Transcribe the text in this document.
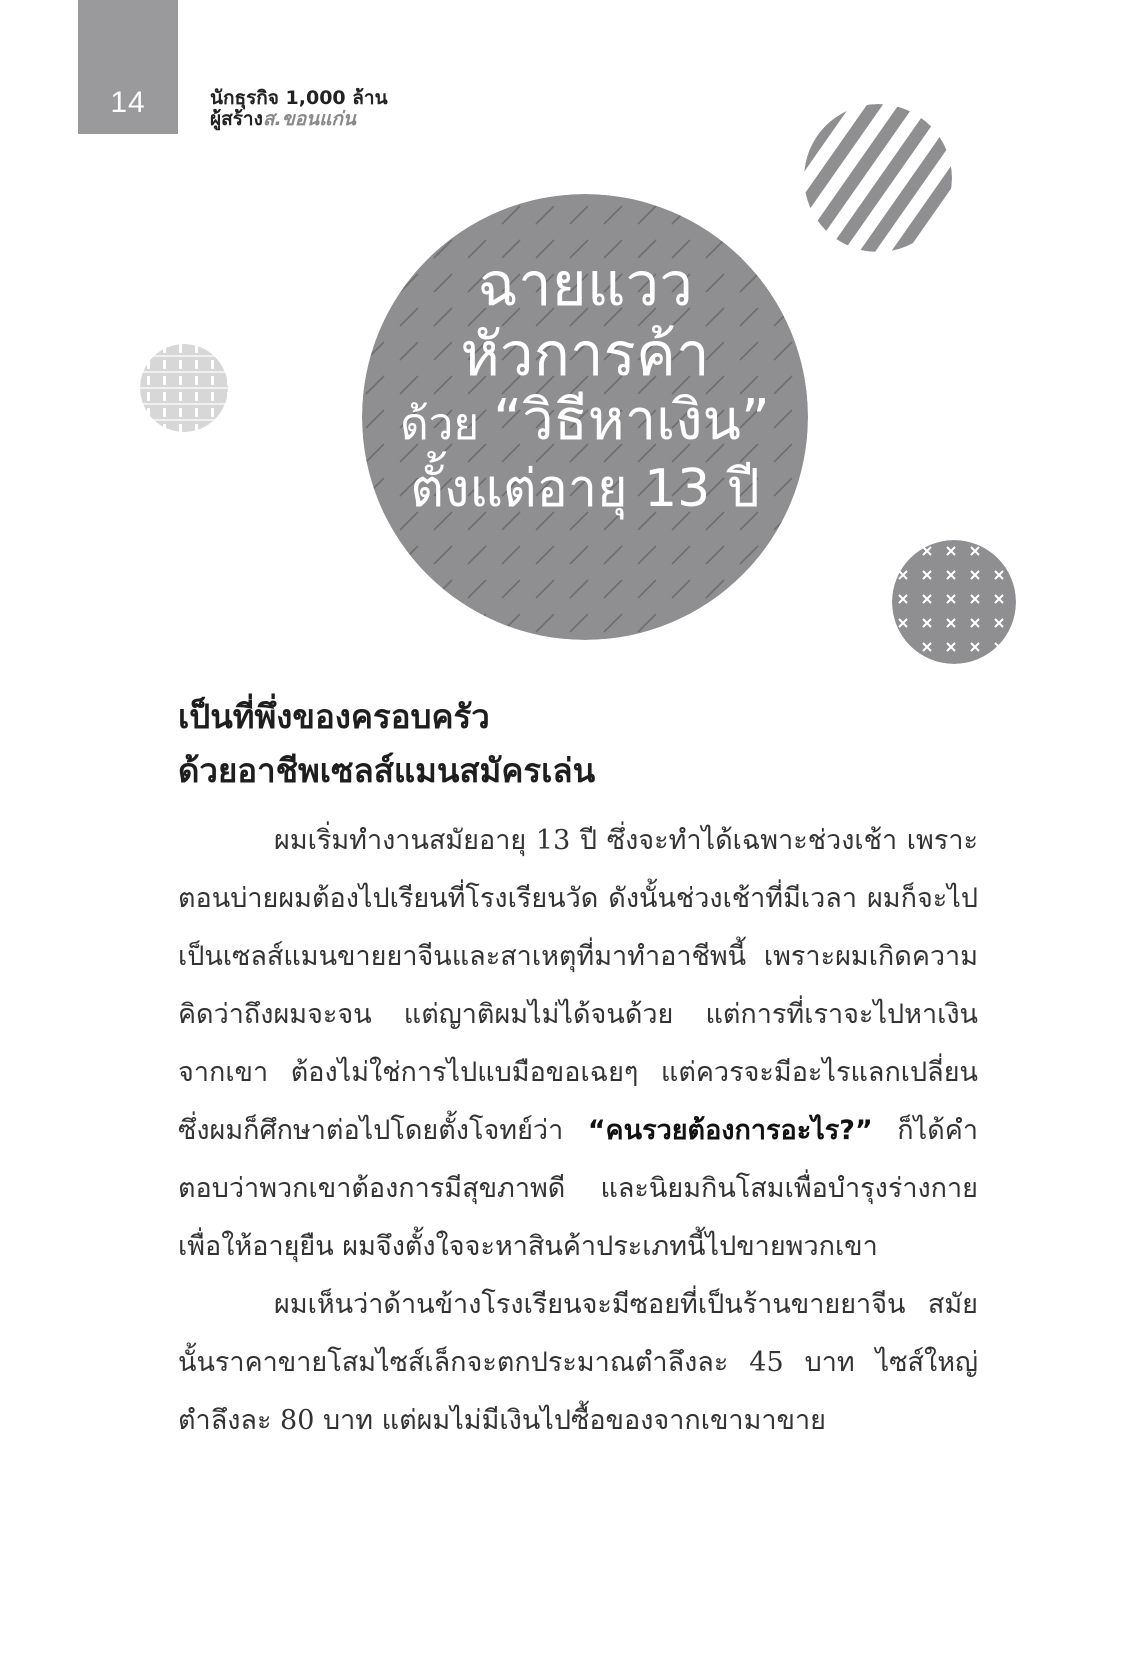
14	นักธุรกิจ 1,000 ล้าน
ผู้สร้างส.ขอนแก่น
ฉายแวว
หัวการค้า
ด้วย “วิธีหาเงิน”
ตั้งแต่อายุ 13 ปี
เป็นที่พึ่งของครอบครัว
ด้วยอาชีพเซลส์แมนสมัครเล่น

ผมเริ่มทำงานสมัยอายุ 13 ปี ซึ่งจะทำได้เฉพาะช่วงเช้า เพราะตอนบ่ายผมต้องไปเรียนที่โรงเรียนวัด ดังนั้นช่วงเช้าที่มีเวลา ผมก็จะไปเป็นเซลส์แมนขายยาจีนและสาเหตุที่มาทำอาชีพนี้ เพราะผมเกิดความคิดว่าถึงผมจะจน แต่ญาติผมไม่ได้จนด้วย แต่การที่เราจะไปหาเงินจากเขา ต้องไม่ใช่การไปแบมือขอเฉยๆ แต่ควรจะมีอะไรแลกเปลี่ยน ซึ่งผมก็ศึกษาต่อไปโดยตั้งโจทย์ว่า “คนรวยต้องการอะไร?” ก็ได้คำตอบว่าพวกเขาต้องการมีสุขภาพดี และนิยมกินโสมเพื่อบำรุงร่างกายเพื่อให้อายุยืน ผมจึงตั้งใจจะหาสินค้าประเภทนี้ไปขายพวกเขา

ผมเห็นว่าด้านข้างโรงเรียนจะมีซอยที่เป็นร้านขายยาจีน สมัยนั้นราคาขายโสมไซส์เล็กจะตกประมาณตำลึงละ 45 บาท ไซส์ใหญ่ตำลึงละ 80 บาท แต่ผมไม่มีเงินไปซื้อของจากเขามาขาย
